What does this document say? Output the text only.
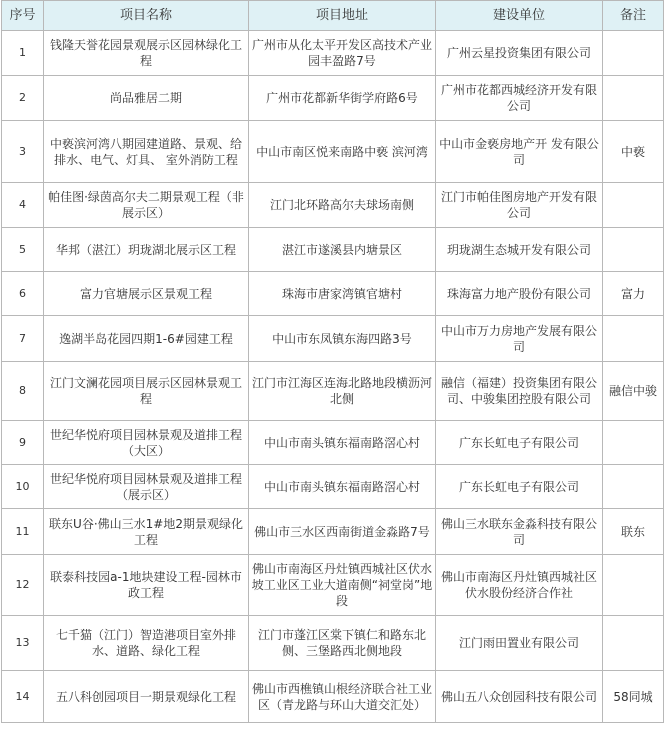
序号	项目名称	项目地址	建设单位	备注
1	钱隆天誉花园景观展示区园林绿化工程	广州市从化太平开发区高技术产业园丰盈路7号	广州云星投资集团有限公司	
2	尚品雅居二期	广州市花都新华街学府路6号	广州市花都西城经济开发有限公司	
3	中亵滨河湾八期园建道路、景观、给排水、电气、灯具、 室外消防工程	中山市南区悦来南路中亵 滨河湾	中山市金亵房地产开 发有限公司	中亵
4	帕佳图·绿茵高尔夫二期景观工程（非展示区）	江门北环路高尔夫球场南侧	江门市帕佳图房地产开发有限公司	
5	华邦（湛江）玥珑湖北展示区工程	湛江市遂溪县内塘景区	玥珑湖生态城开发有限公司	
6	富力官塘展示区景观工程	珠海市唐家湾镇官塘村	珠海富力地产股份有限公司	富力
7	逸湖半岛花园四期1-6#园建工程	中山市东凤镇东海四路3号	中山市万力房地产发展有限公司	
8	江门文澜花园项目展示区园林景观工程	江门市江海区连海北路地段横沥河北侧	融信（福建）投资集团有限公司、中骏集团控股有限公司	融信中骏
9	世纪华悦府项目园林景观及道排工程（大区）	中山市南头镇东福南路滘心村	广东长虹电子有限公司	
10	世纪华悦府项目园林景观及道排工程（展示区）	中山市南头镇东福南路滘心村	广东长虹电子有限公司	
11	联东U谷·佛山三水1#地2期景观绿化工程	佛山市三水区西南街道金淼路7号	佛山三水联东金淼科技有限公司	联东
12	联泰科技园a-1地块建设工程-园林市政工程	佛山市南海区丹灶镇西城社区伏水坡工业区工业大道南侧“祠堂岗”地段	佛山市南海区丹灶镇西城社区伏水股份经济合作社	
13	七千猫（江门）智造港项目室外排水、道路、绿化工程	江门市蓬江区棠下镇仁和路东北侧、三堡路西北侧地段	江门雨田置业有限公司	
14	五八科创园项目一期景观绿化工程	佛山市西樵镇山根经济联合社工业区（青龙路与环山大道交汇处）	佛山五八众创园科技有限公司	58同城
